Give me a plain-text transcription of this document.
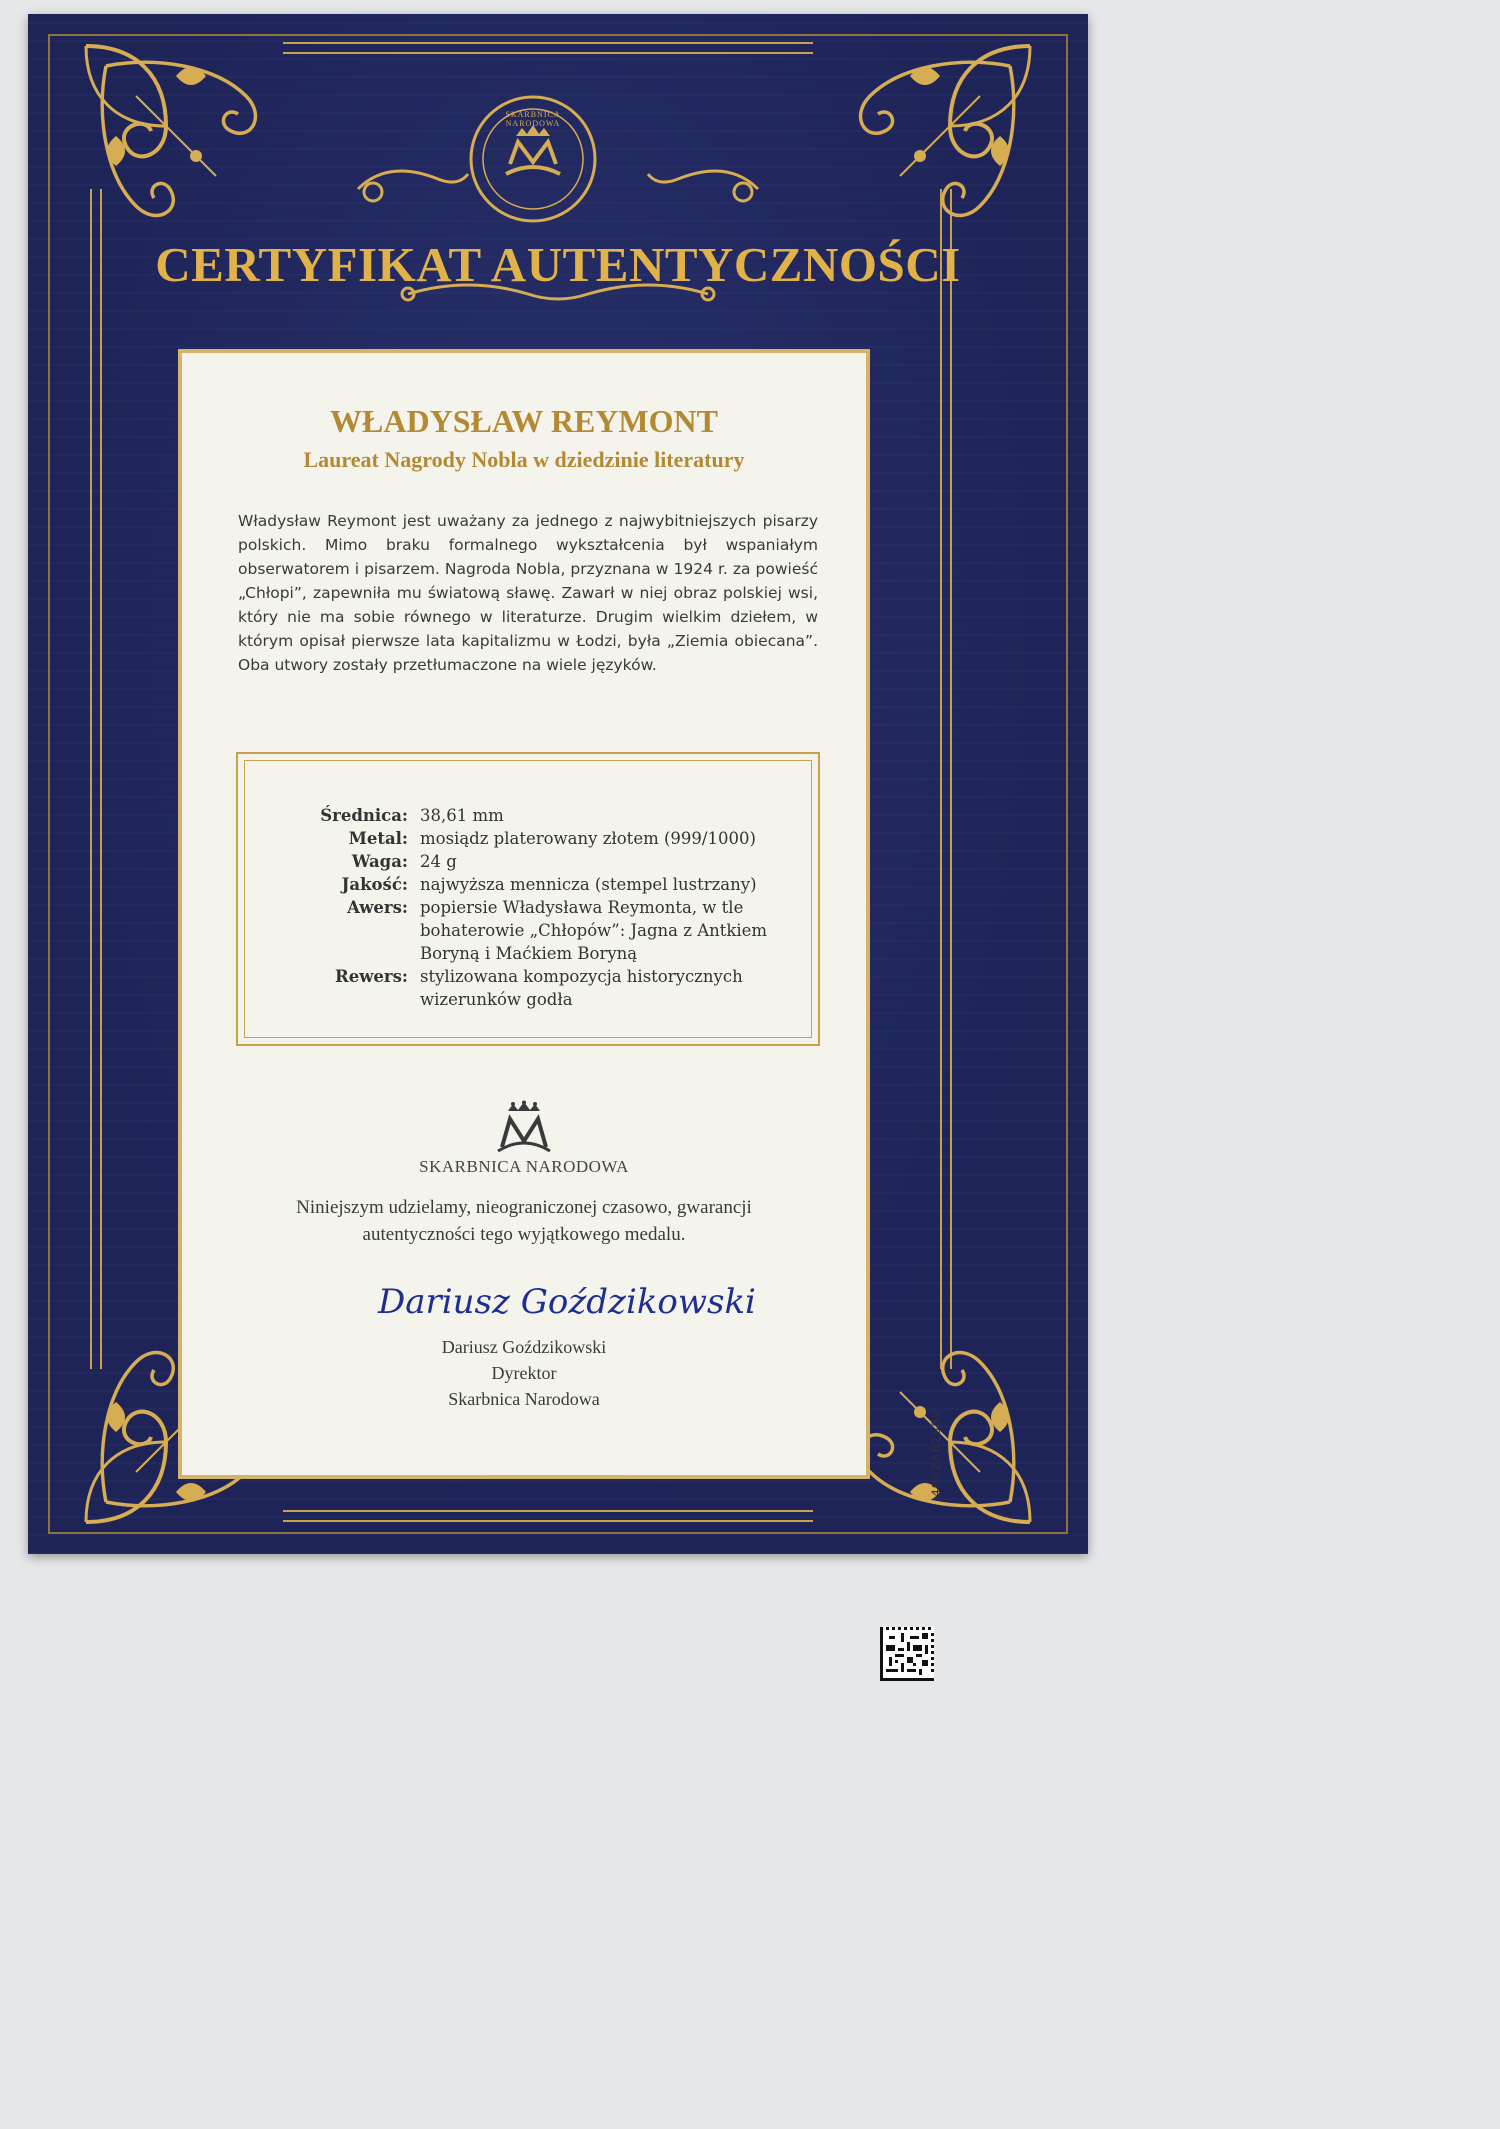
SKARBNICA NARODOWA
CERTYFIKAT AUTENTYCZNOŚCI
WŁADYSŁAW REYMONT
Laureat Nagrody Nobla w dziedzinie literatury
Władysław Reymont jest uważany za jednego z najwybitniejszych pisarzy polskich. Mimo braku formalnego wykształcenia był wspaniałym obserwatorem i pisarzem. Nagroda Nobla, przyznana w 1924 r. za powieść „Chłopi”, zapewniła mu światową sławę. Zawarł w niej obraz polskiej wsi, który nie ma sobie równego w literaturze. Drugim wielkim dziełem, w którym opisał pierwsze lata kapitalizmu w Łodzi, była „Ziemia obiecana”. Oba utwory zostały przetłumaczone na wiele języków.
Średnica: 38,61 mm
Metal: mosiądz platerowany złotem (999/1000)
Waga: 24 g
Jakość: najwyższa mennicza (stempel lustrzany)
Awers: popiersie Władysława Reymonta, w tle bohaterowie „Chłopów”: Jagna z Antkiem Boryną i Maćkiem Boryną
Rewers: stylizowana kompozycja historycznych wizerunków godła
SKARBNICA NARODOWA
Niniejszym udzielamy, nieograniczonej czasowo, gwarancji autentyczności tego wyjątkowego medalu.
Dariusz Goździkowski
Dariusz Goździkowski
Dyrektor
Skarbnica Narodowa
4002862589
